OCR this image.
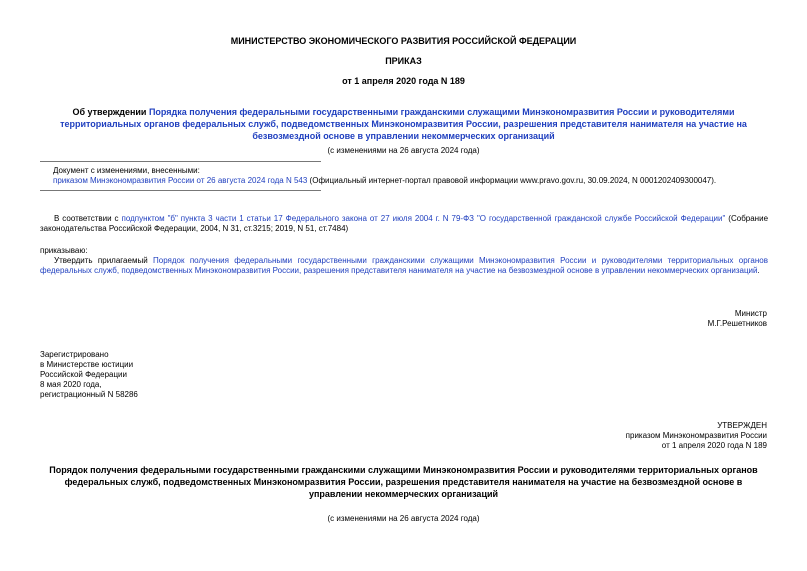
МИНИСТЕРСТВО ЭКОНОМИЧЕСКОГО РАЗВИТИЯ РОССИЙСКОЙ ФЕДЕРАЦИИ
ПРИКАЗ
от 1 апреля 2020 года N 189
Об утверждении Порядка получения федеральными государственными гражданскими служащими Минэкономразвития России и руководителями территориальных органов федеральных служб, подведомственных Минэкономразвития России, разрешения представителя нанимателя на участие на безвозмездной основе в управлении некоммерческих организаций
(с изменениями на 26 августа 2024 года)
Документ с изменениями, внесенными:
приказом Минэкономразвития России от 26 августа 2024 года N 543 (Официальный интернет-портал правовой информации www.pravo.gov.ru, 30.09.2024, N 0001202409300047).
В соответствии с подпунктом "б" пункта 3 части 1 статьи 17 Федерального закона от 27 июля 2004 г. N 79-ФЗ "О государственной гражданской службе Российской Федерации" (Собрание законодательства Российской Федерации, 2004, N 31, ст.3215; 2019, N 51, ст.7484)
приказываю:
Утвердить прилагаемый Порядок получения федеральными государственными гражданскими служащими Минэкономразвития России и руководителями территориальных органов федеральных служб, подведомственных Минэкономразвития России, разрешения представителя нанимателя на участие на безвозмездной основе в управлении некоммерческих организаций.
Министр
М.Г.Решетников
Зарегистрировано
в Министерстве юстиции
Российской Федерации
8 мая 2020 года,
регистрационный N 58286
УТВЕРЖДЕН
приказом Минэкономразвития России
от 1 апреля 2020 года N 189
Порядок получения федеральными государственными гражданскими служащими Минэкономразвития России и руководителями территориальных органов федеральных служб, подведомственных Минэкономразвития России, разрешения представителя нанимателя на участие на безвозмездной основе в управлении некоммерческих организаций
(с изменениями на 26 августа 2024 года)
